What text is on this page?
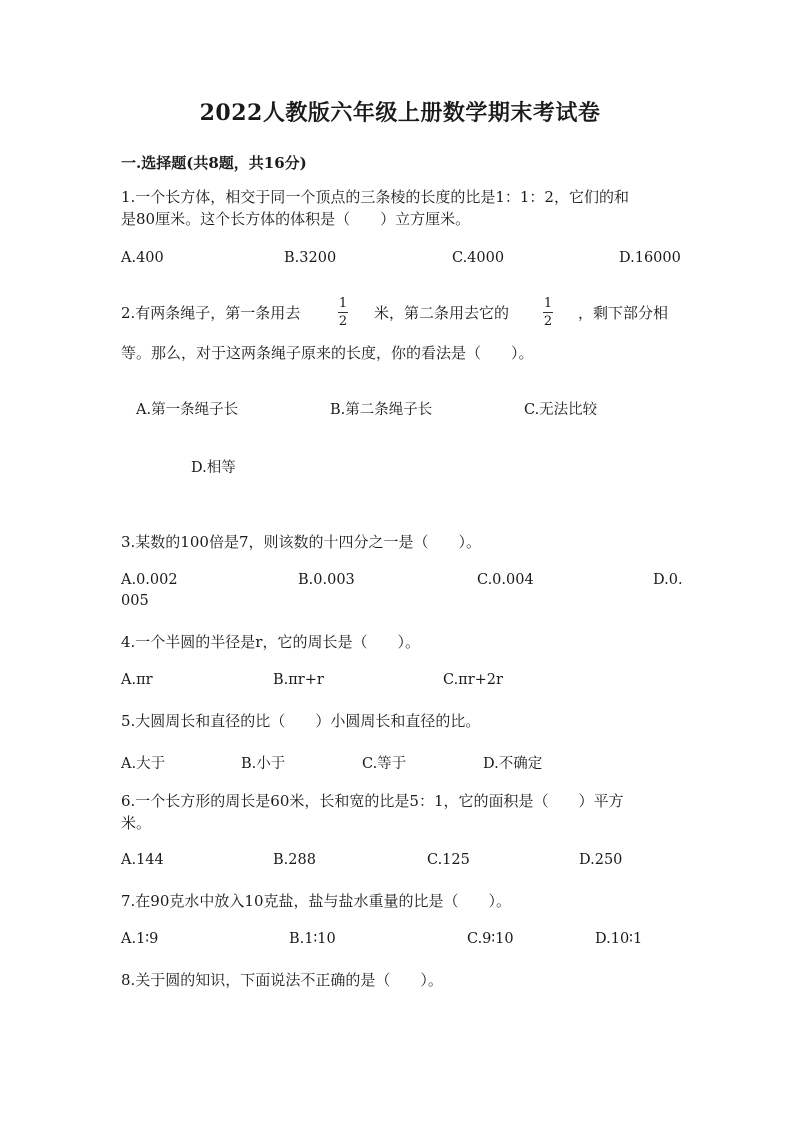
2022人教版六年级上册数学期末考试卷
一.选择题(共8题，共16分)
1.一个长方体，相交于同一个顶点的三条棱的长度的比是1：1：2，它们的和
是80厘米。这个长方体的体积是（　　）立方厘米。
A.400	B.3200	C.4000	D.16000
2.有两条绳子，第一条用去
1
2 米，第二条用去它的
1
2 ，剩下部分相
等。那么，对于这两条绳子原来的长度，你的看法是（　　）。
A.第一条绳子长	B.第二条绳子长	C.无法比较
D.相等
3.某数的100倍是7，则该数的十四分之一是（　　）。
A.0.002	B.0.003	C.0.004	D.0.
005
4.一个半圆的半径是r，它的周长是（　　）。
A.πr	B.πr+r	C.πr+2r
5.大圆周长和直径的比（　　）小圆周长和直径的比。
A.大于	B.小于	C.等于	D.不确定
6.一个长方形的周长是60米，长和宽的比是5：1，它的面积是（　　）平方
米。
A.144	B.288	C.125	D.250
7.在90克水中放入10克盐，盐与盐水重量的比是（　　）。
A.1∶9	B.1∶10	C.9∶10	D.10∶1
8.关于圆的知识，下面说法不正确的是（　　）。
